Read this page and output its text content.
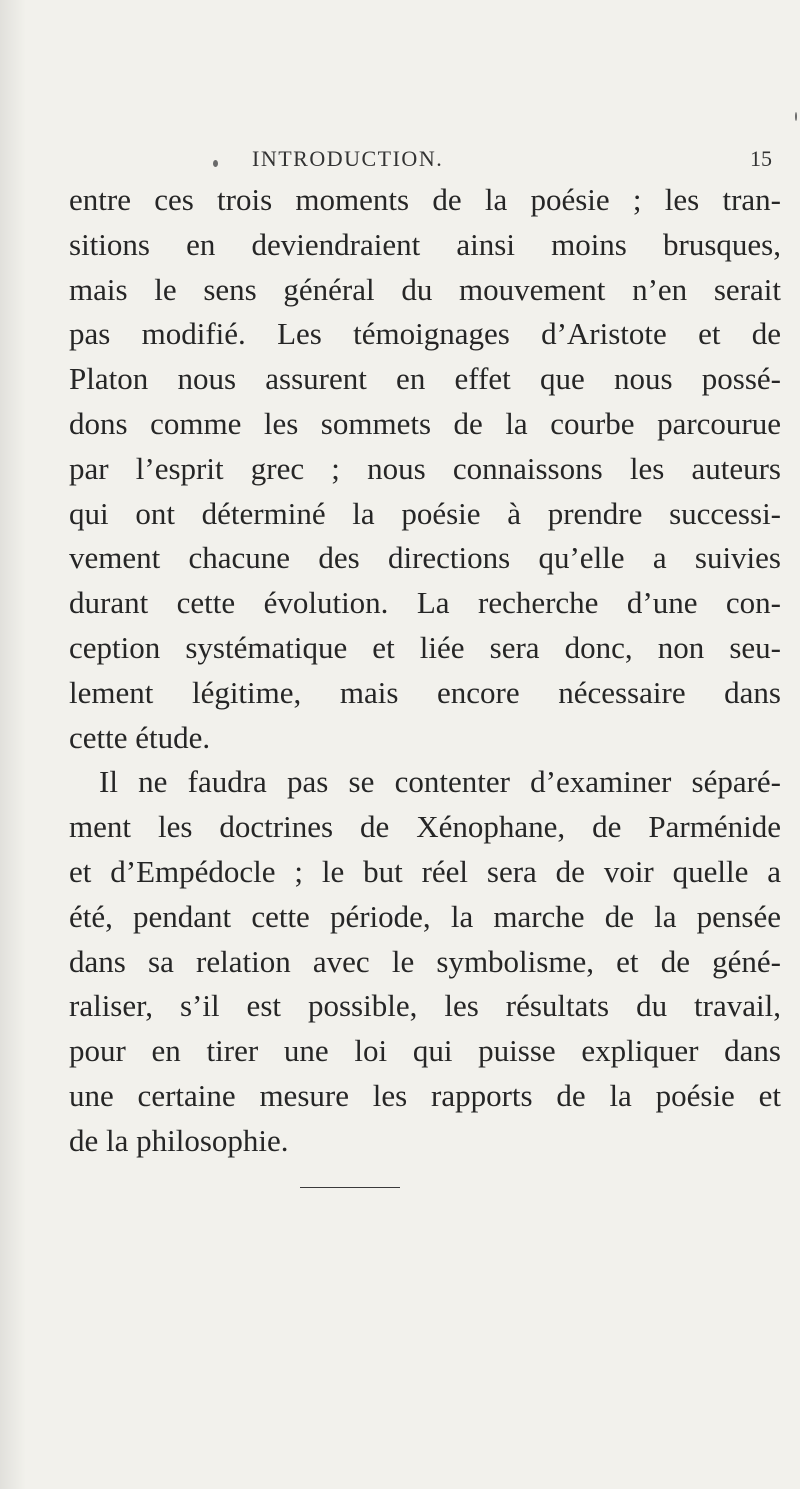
INTRODUCTION.	15
entre ces trois moments de la poésie ; les tran-
sitions en deviendraient ainsi moins brusques,
mais le sens général du mouvement n’en serait
pas modifié. Les témoignages d’Aristote et de
Platon nous assurent en effet que nous possé-
dons comme les sommets de la courbe parcourue
par l’esprit grec ; nous connaissons les auteurs
qui ont déterminé la poésie à prendre successi-
vement chacune des directions qu’elle a suivies
durant cette évolution. La recherche d’une con-
ception systématique et liée sera donc, non seu-
lement légitime, mais encore nécessaire dans
cette étude.
Il ne faudra pas se contenter d’examiner séparé-
ment les doctrines de Xénophane, de Parménide
et d’Empédocle ; le but réel sera de voir quelle a
été, pendant cette période, la marche de la pensée
dans sa relation avec le symbolisme, et de géné-
raliser, s’il est possible, les résultats du travail,
pour en tirer une loi qui puisse expliquer dans
une certaine mesure les rapports de la poésie et
de la philosophie.
